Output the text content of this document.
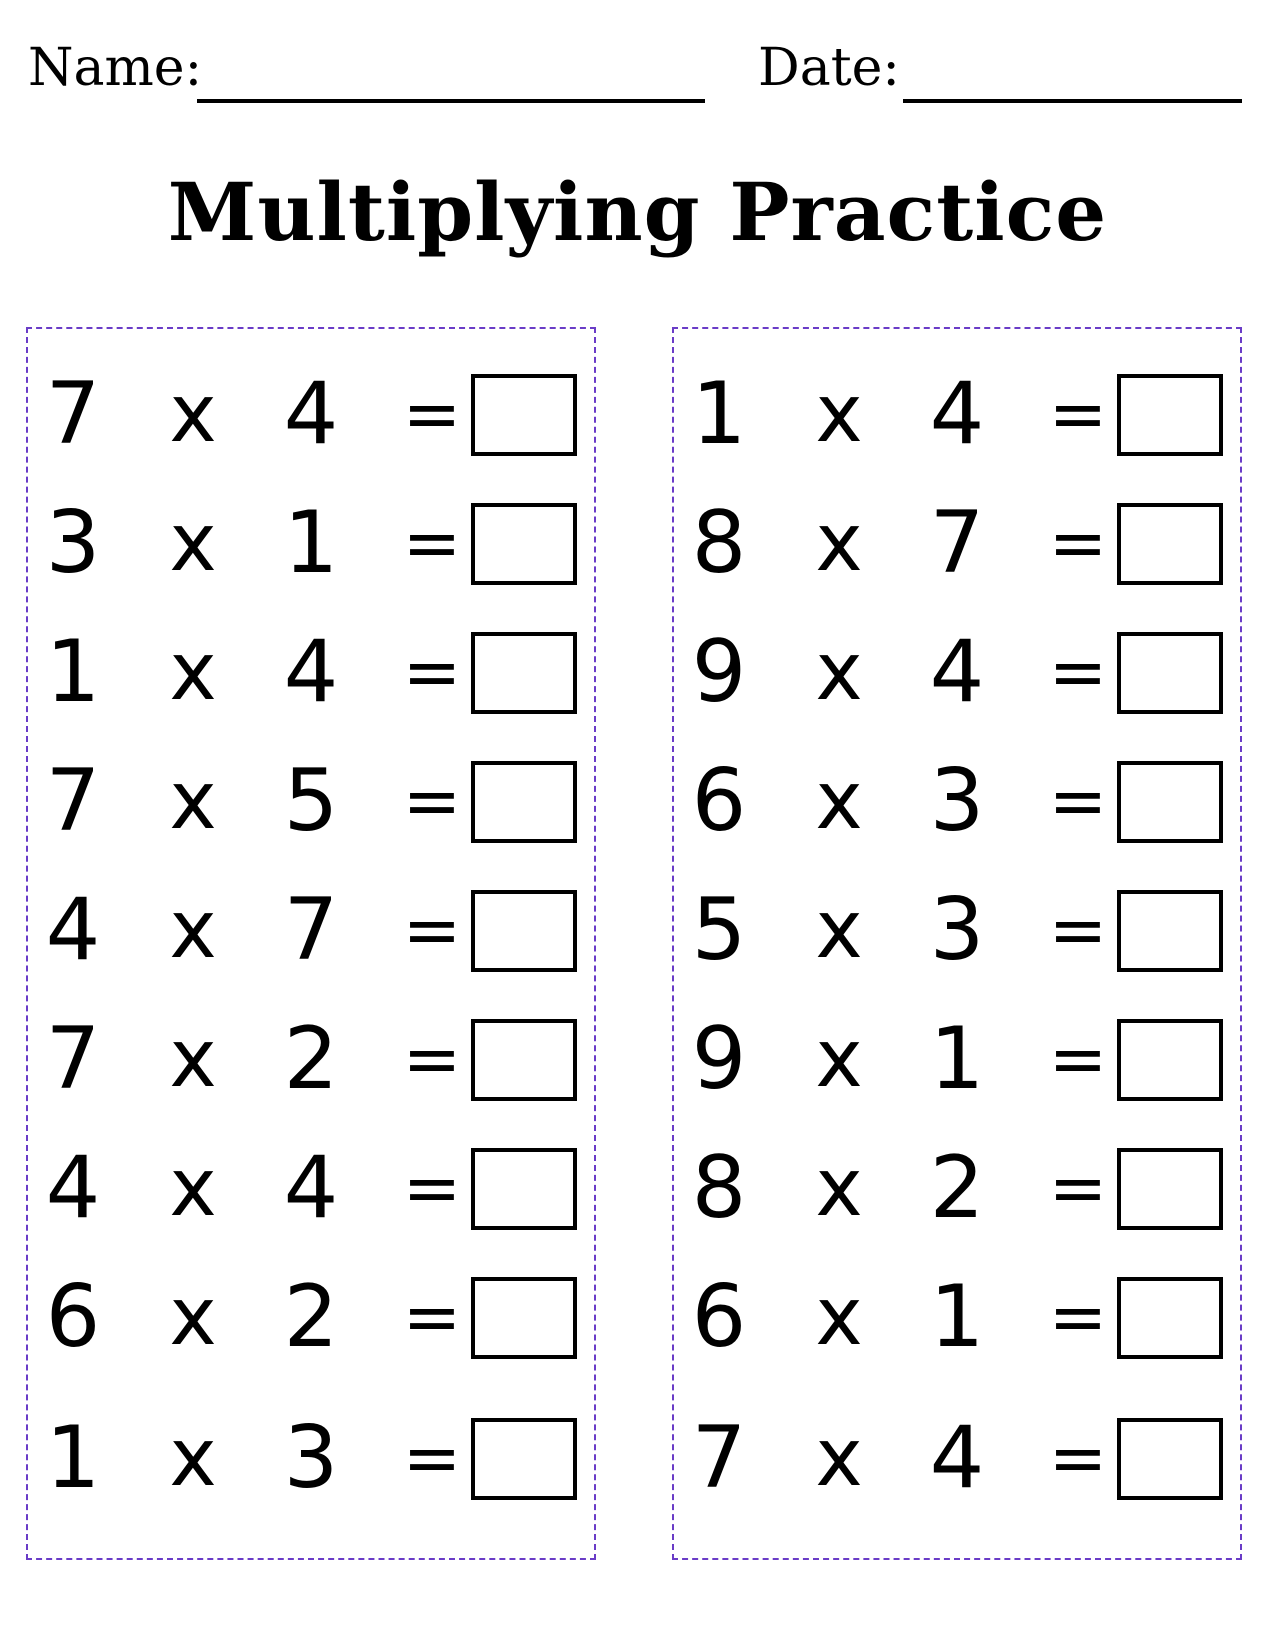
Name:	Date:
Multiplying Practice
7 x 4 =
3 x 1 =
1 x 4 =
7 x 5 =
4 x 7 =
7 x 2 =
4 x 4 =
6 x 2 =
1 x 3 =
1 x 4 =
8 x 7 =
9 x 4 =
6 x 3 =
5 x 3 =
9 x 1 =
8 x 2 =
6 x 1 =
7 x 4 =
